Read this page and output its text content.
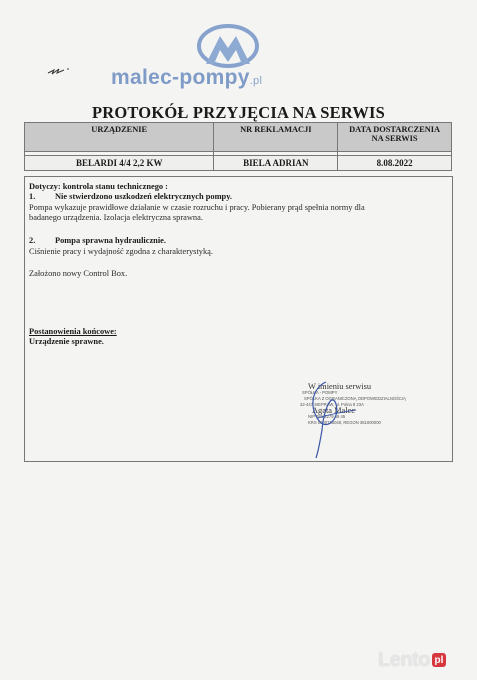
malec-pompy.pl
PROTOKÓŁ PRZYJĘCIA NA SERWIS
URZĄDZENIE	NR REKLAMACJI	DATA DOSTARCZENIA
NA SERWIS

BELARDI 4/4 2,2 KW	BIELA ADRIAN	8.08.2022
Dotyczy: kontrola stanu technicznego :
1. Nie stwierdzono uszkodzeń elektrycznych pompy.
Pompa wykazuje prawidłowe działanie w czasie rozruchu i pracy. Pobierany prąd spełnia normy dla
badanego urządzenia. Izolacja elektryczna sprawna.
2. Pompa sprawna hydraulicznie.
Ciśnienie pracy i wydajność zgodna z charakterystyką.
Założono nowy Control Box.
Postanowienia końcowe:
Urządzenie sprawne.
W imieniu serwisu
Agata Malec
SPÓŁKA - POMPY
SPÓŁKA Z OGRANICZONĄ ODPOWIEDZIALNOŚCIĄ
32-447 SIEPRAW, ul. Polna 8 23A
NIP 681 2279 49 45
KRS 0000745048, REGON 381000000
Lento pl
